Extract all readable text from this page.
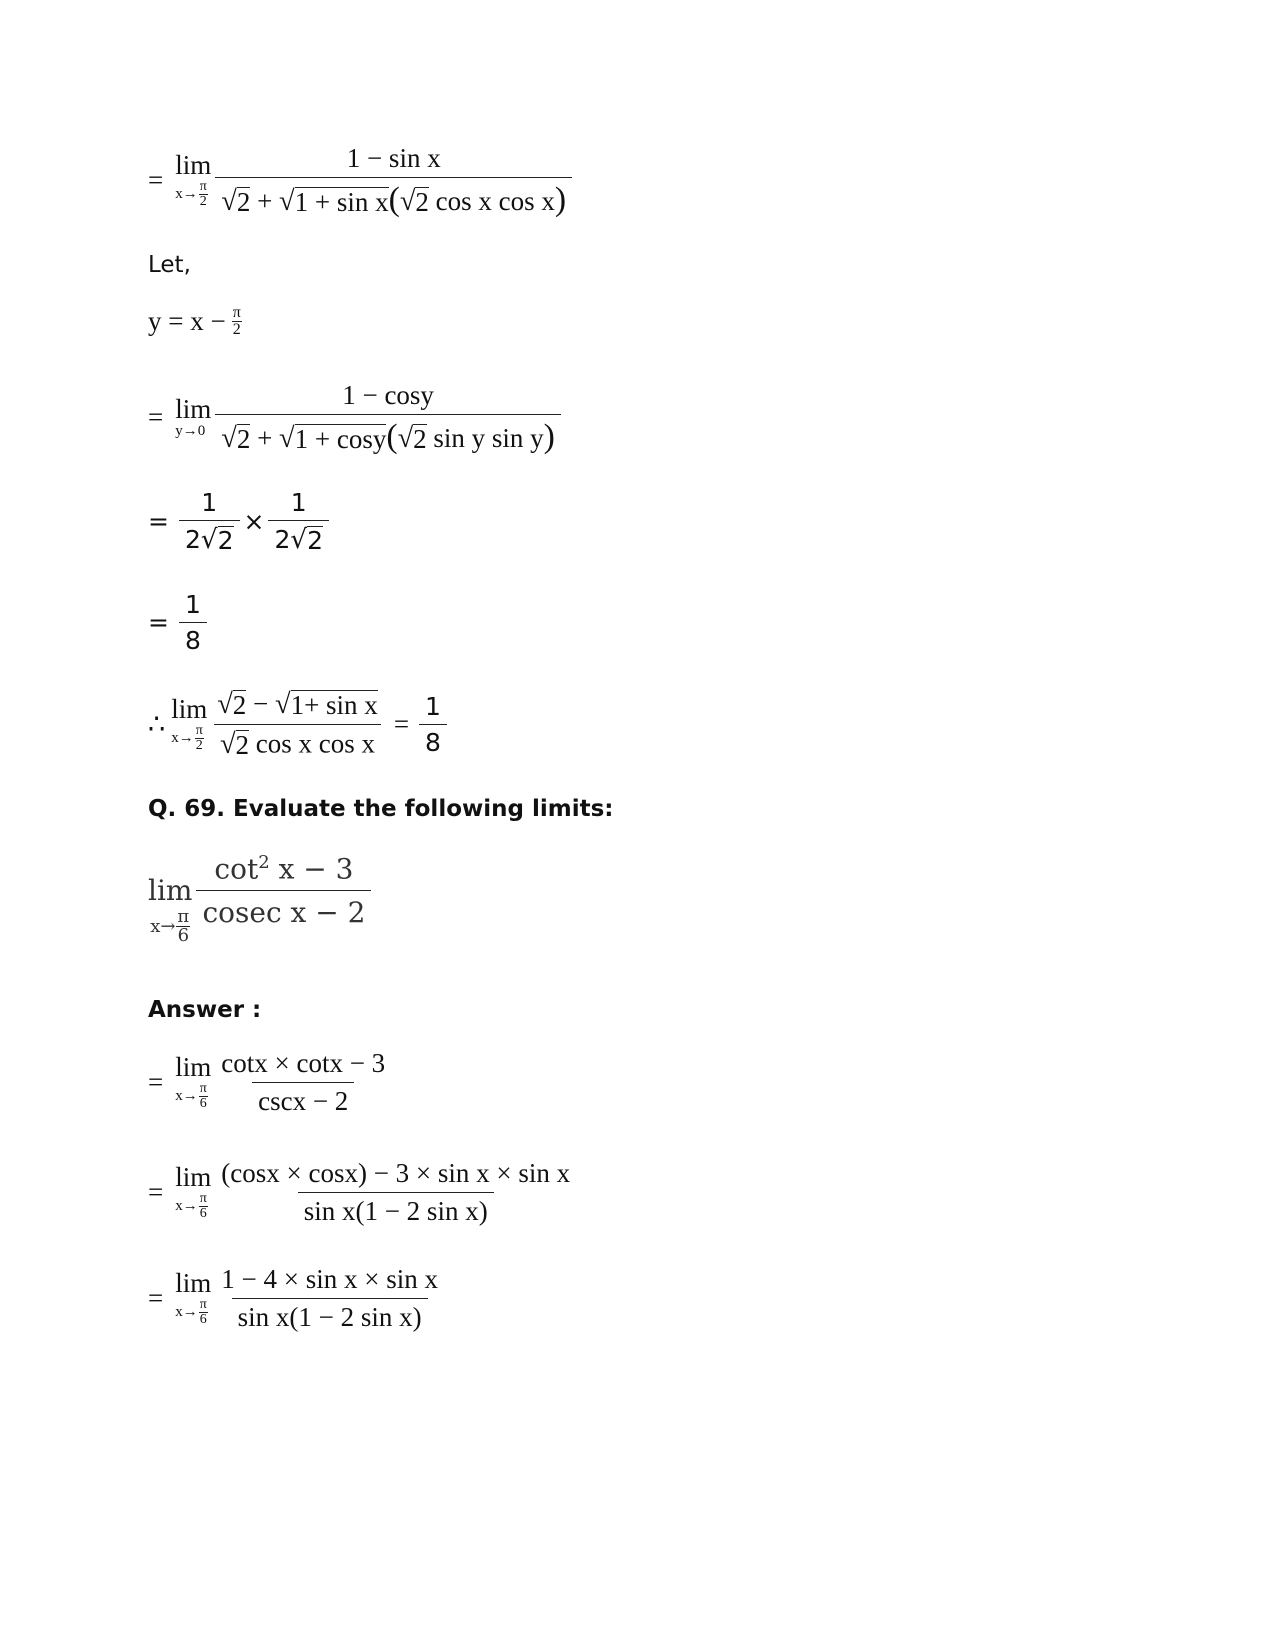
= lim
$x\to \frac{\pi}{2} \frac{\text{1 − sin x}}{\text{√ 2 + √ 1 + sin x ( √ 2 cos x cos x)}}$
Let,
$y = x - \frac{\pi}{2}$
= lim
$y\to 0 \frac{1 - \cos y}{\text{√ 2 + √ 1 + cosy ( √ 2 sin y sin y)}}$
= $\frac{1}{2 √ 2} \times \frac{1}{2 √ 2}$
= $\frac{1}{8}$
∴ lim
$x\to \frac{\pi}{2} \frac{\text{√ 2 − √ 1+ sin x}}{\text{√ 2 cos x cos x}} = \frac{1}{8}$
Q. 69. Evaluate the following limits:
lim
$x\to \frac{\pi}{6} \frac{\cot^2 x - 3}{\text{cosec x − 2}}$
Answer :
= lim
$x\to \frac{\pi}{6} \frac{\cot x \times \cot x - 3}{\csc x - 2}$
= lim
$x\to \frac{\pi}{6} \frac{\text{(cosx × cosx) − 3 × sin x × sin x}}{\text{sin x(1 − 2 sin x)}}$
= lim
$x\to \frac{\pi}{6} \frac{\text{1 − 4 × sin x × sin x}}{\text{sin x(1 − 2 sin x)}}$
